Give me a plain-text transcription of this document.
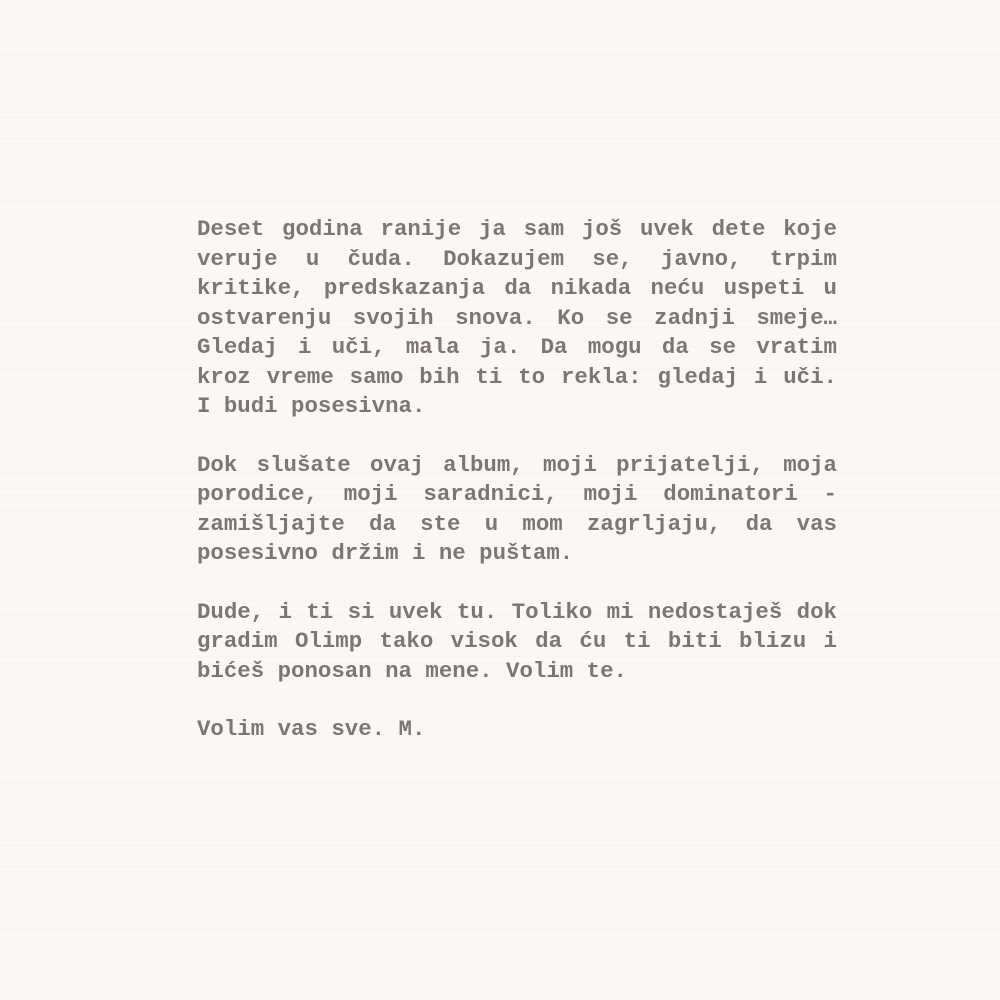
Deset godina ranije ja sam još uvek dete koje veruje u čuda. Dokazujem se, javno, trpim kritike, predskazanja da nikada neću uspeti u ostvarenju svojih snova. Ko se zadnji smeje… Gledaj i uči, mala ja. Da mogu da se vratim kroz vreme samo bih ti to rekla: gledaj i uči. I budi posesivna.

Dok slušate ovaj album, moji prijatelji, moja porodice, moji saradnici, moji dominatori - zamišljajte da ste u mom zagrljaju, da vas posesivno držim i ne puštam.

Dude, i ti si uvek tu. Toliko mi nedostaješ dok gradim Olimp tako visok da ću ti biti blizu i bićeš ponosan na mene. Volim te.

Volim vas sve. M.
